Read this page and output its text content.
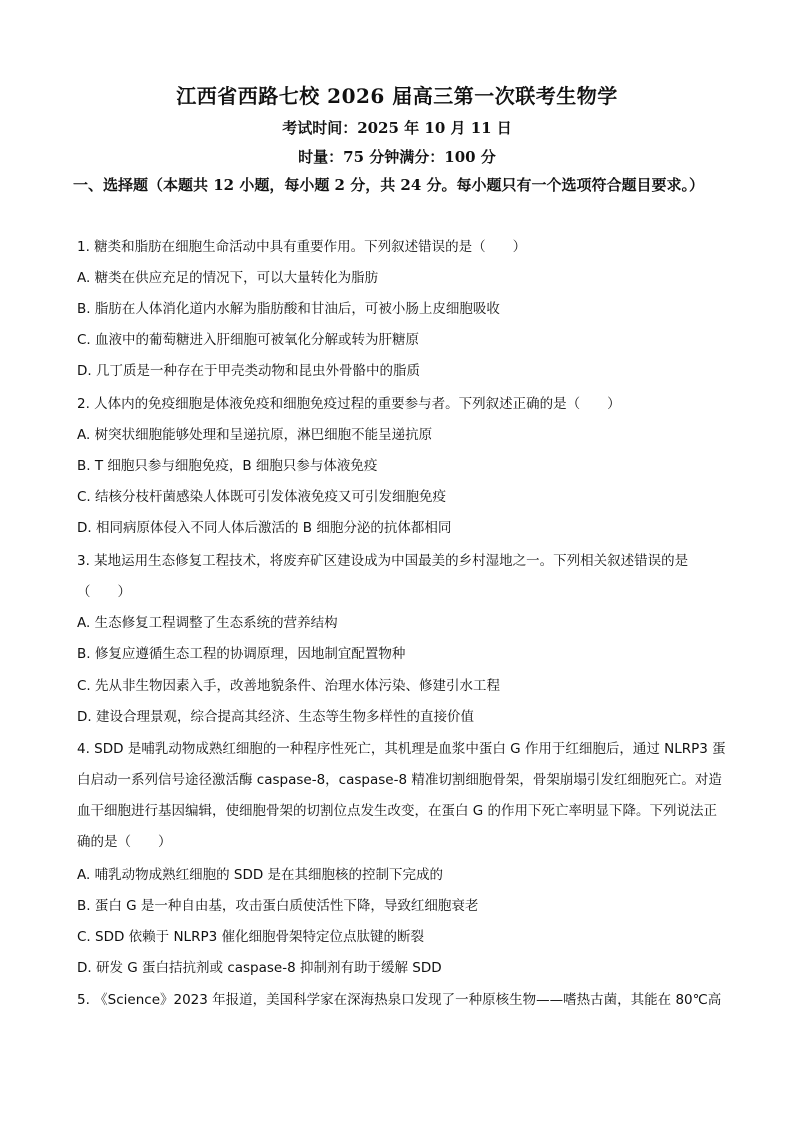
江西省西路七校 2026 届高三第一次联考生物学
考试时间：2025 年 10 月 11 日
时量：75 分钟满分：100 分
一、选择题（本题共 12 小题，每小题 2 分，共 24 分。每小题只有一个选项符合题目要求。）
1. 糖类和脂肪在细胞生命活动中具有重要作用。下列叙述错误的是（　　）
A. 糖类在供应充足的情况下，可以大量转化为脂肪
B. 脂肪在人体消化道内水解为脂肪酸和甘油后，可被小肠上皮细胞吸收
C. 血液中的葡萄糖进入肝细胞可被氧化分解或转为肝糖原
D. 几丁质是一种存在于甲壳类动物和昆虫外骨骼中的脂质
2. 人体内的免疫细胞是体液免疫和细胞免疫过程的重要参与者。下列叙述正确的是（　　）
A. 树突状细胞能够处理和呈递抗原，淋巴细胞不能呈递抗原
B. T 细胞只参与细胞免疫，B 细胞只参与体液免疫
C. 结核分枝杆菌感染人体既可引发体液免疫又可引发细胞免疫
D. 相同病原体侵入不同人体后激活的 B 细胞分泌的抗体都相同
3. 某地运用生态修复工程技术，将废弃矿区建设成为中国最美的乡村湿地之一。下列相关叙述错误的是
（　　）
A. 生态修复工程调整了生态系统的营养结构
B. 修复应遵循生态工程的协调原理，因地制宜配置物种
C. 先从非生物因素入手，改善地貌条件、治理水体污染、修建引水工程
D. 建设合理景观，综合提高其经济、生态等生物多样性的直接价值
4. SDD 是哺乳动物成熟红细胞的一种程序性死亡，其机理是血浆中蛋白 G 作用于红细胞后，通过 NLRP3 蛋白启动一系列信号途径激活酶 caspase-8，caspase-8 精准切割细胞骨架，骨架崩塌引发红细胞死亡。对造血干细胞进行基因编辑，使细胞骨架的切割位点发生改变，在蛋白 G 的作用下死亡率明显下降。下列说法正确的是（　　）
A. 哺乳动物成熟红细胞的 SDD 是在其细胞核的控制下完成的
B. 蛋白 G 是一种自由基，攻击蛋白质使活性下降，导致红细胞衰老
C. SDD 依赖于 NLRP3 催化细胞骨架特定位点肽键的断裂
D. 研发 G 蛋白拮抗剂或 caspase-8 抑制剂有助于缓解 SDD
5. 《Science》2023 年报道，美国科学家在深海热泉口发现了一种原核生物——嗜热古菌，其能在 80℃高
